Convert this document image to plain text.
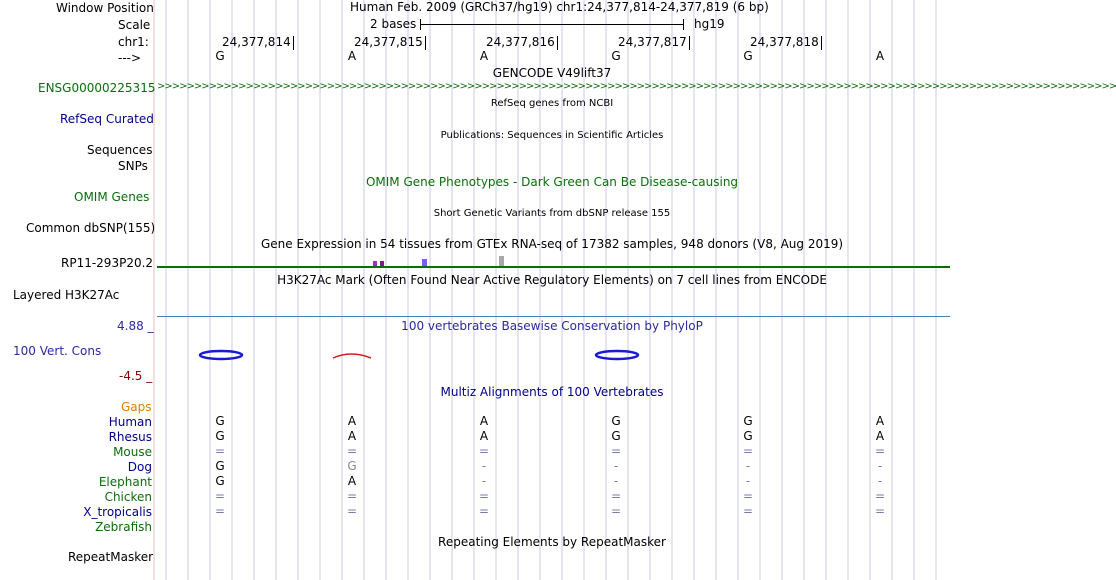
Window Position
Scale
chr1:
--->
Human Feb. 2009 (GRCh37/hg19) chr1:24,377,814-24,377,819 (6 bp)
2 bases	hg19
24,377,814	24,377,815	24,377,816	24,377,817	24,377,818
G	A	A	G	G	A
GENCODE V49lift37
ENSG00000225315 >>>>>>>>>>>>>>>>>>>>>>>>>>>>>>>>>>>>>>>>>>>>>>>>>>>>>>>>>>>>>>>>>>>>>>>>>>>>>>>>>>>>>>>>>>>>>>>>>>>>>>>>>>>>>>>>>>>>>>>>>>>>>>>>>>
RefSeq genes from NCBI
RefSeq Curated
Publications: Sequences in Scientific Articles
Sequences
SNPs
OMIM Gene Phenotypes - Dark Green Can Be Disease-causing
OMIM Genes
Short Genetic Variants from dbSNP release 155
Common dbSNP(155)
Gene Expression in 54 tissues from GTEx RNA-seq of 17382 samples, 948 donors (V8, Aug 2019)
RP11-293P20.2
H3K27Ac Mark (Often Found Near Active Regulatory Elements) on 7 cell lines from ENCODE
Layered H3K27Ac
100 vertebrates Basewise Conservation by PhyloP
4.88 _
100 Vert. Cons
-4.5 _
Multiz Alignments of 100 Vertebrates
Gaps
Human	G	A	A	G	G	A
Rhesus	G	A	A	G	G	A
Mouse	=	=	=	=	=	=
Dog	G	G	-	-	-	-
Elephant	G	A	-	-	-	-
Chicken	=	=	=	=	=	=
X_tropicalis	=	=	=	=	=	=
Zebrafish
Repeating Elements by RepeatMasker
RepeatMasker
